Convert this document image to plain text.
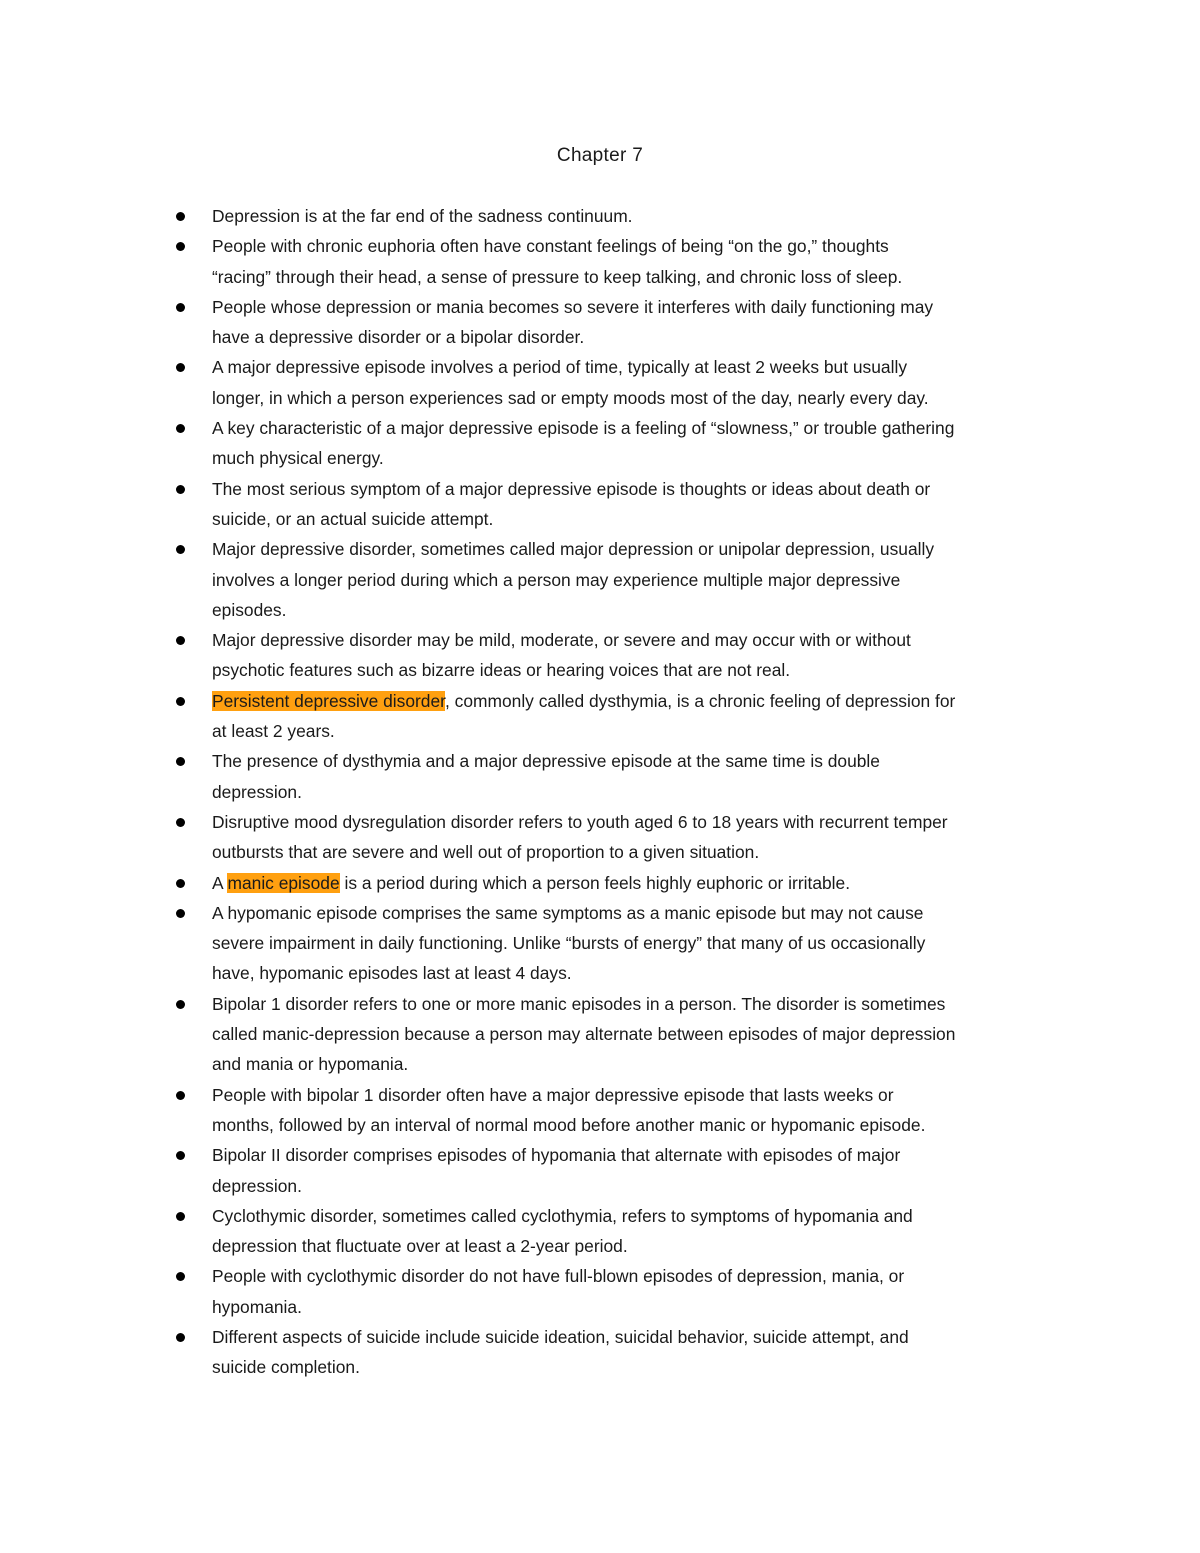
Chapter 7
Depression is at the far end of the sadness continuum.
People with chronic euphoria often have constant feelings of being “on the go,” thoughts
“racing” through their head, a sense of pressure to keep talking, and chronic loss of sleep.
People whose depression or mania becomes so severe it interferes with daily functioning may
have a depressive disorder or a bipolar disorder.
A major depressive episode involves a period of time, typically at least 2 weeks but usually
longer, in which a person experiences sad or empty moods most of the day, nearly every day.
A key characteristic of a major depressive episode is a feeling of “slowness,” or trouble gathering
much physical energy.
The most serious symptom of a major depressive episode is thoughts or ideas about death or
suicide, or an actual suicide attempt.
Major depressive disorder, sometimes called major depression or unipolar depression, usually
involves a longer period during which a person may experience multiple major depressive
episodes.
Major depressive disorder may be mild, moderate, or severe and may occur with or without
psychotic features such as bizarre ideas or hearing voices that are not real.
Persistent depressive disorder, commonly called dysthymia, is a chronic feeling of depression for
at least 2 years.
The presence of dysthymia and a major depressive episode at the same time is double
depression.
Disruptive mood dysregulation disorder refers to youth aged 6 to 18 years with recurrent temper
outbursts that are severe and well out of proportion to a given situation.
A manic episode is a period during which a person feels highly euphoric or irritable.
A hypomanic episode comprises the same symptoms as a manic episode but may not cause
severe impairment in daily functioning. Unlike “bursts of energy” that many of us occasionally
have, hypomanic episodes last at least 4 days.
Bipolar 1 disorder refers to one or more manic episodes in a person. The disorder is sometimes
called manic-depression because a person may alternate between episodes of major depression
and mania or hypomania.
People with bipolar 1 disorder often have a major depressive episode that lasts weeks or
months, followed by an interval of normal mood before another manic or hypomanic episode.
Bipolar II disorder comprises episodes of hypomania that alternate with episodes of major
depression.
Cyclothymic disorder, sometimes called cyclothymia, refers to symptoms of hypomania and
depression that fluctuate over at least a 2-year period.
People with cyclothymic disorder do not have full-blown episodes of depression, mania, or
hypomania.
Different aspects of suicide include suicide ideation, suicidal behavior, suicide attempt, and
suicide completion.
